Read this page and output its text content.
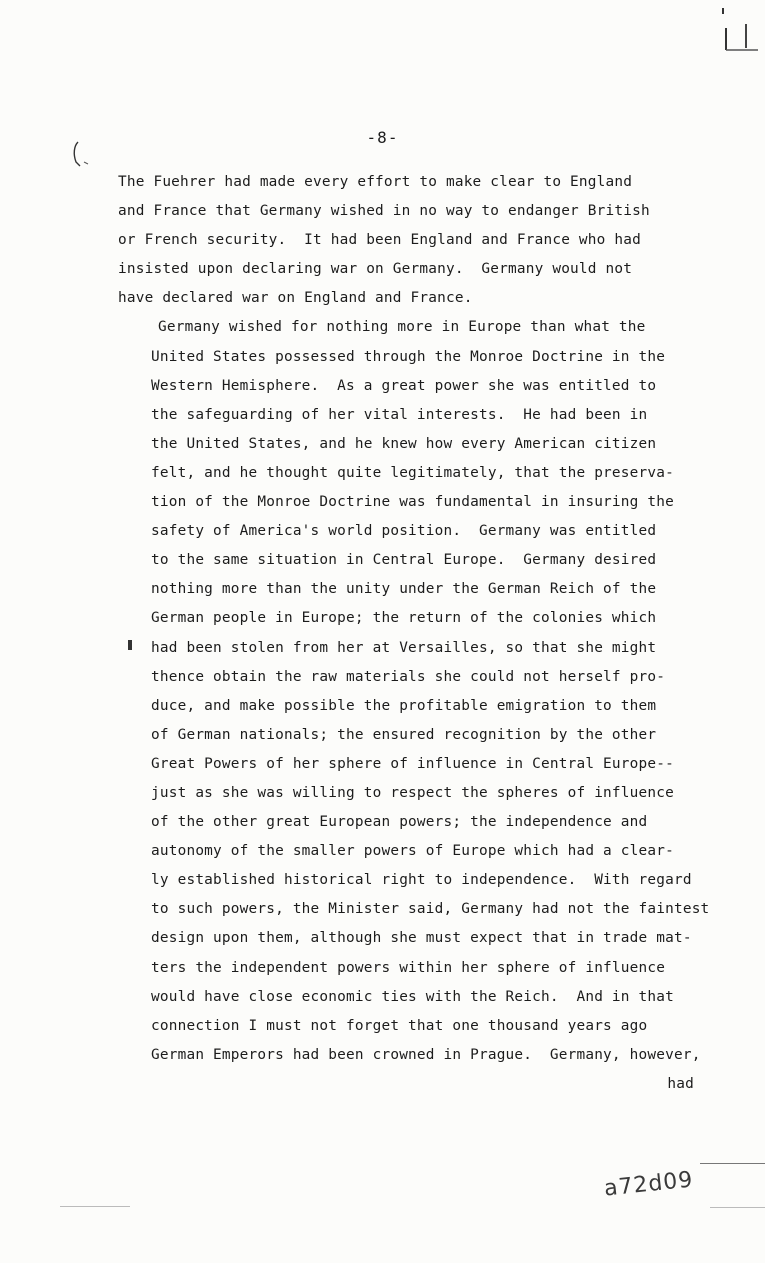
-8-
The Fuehrer had made every effort to make clear to England
and France that Germany wished in no way to endanger British
or French security.  It had been England and France who had
insisted upon declaring war on Germany.  Germany would not
have declared war on England and France.
Germany wished for nothing more in Europe than what the
United States possessed through the Monroe Doctrine in the
Western Hemisphere.  As a great power she was entitled to
the safeguarding of her vital interests.  He had been in
the United States, and he knew how every American citizen
felt, and he thought quite legitimately, that the preserva-
tion of the Monroe Doctrine was fundamental in insuring the
safety of America's world position.  Germany was entitled
to the same situation in Central Europe.  Germany desired
nothing more than the unity under the German Reich of the
German people in Europe; the return of the colonies which
had been stolen from her at Versailles, so that she might
thence obtain the raw materials she could not herself pro-
duce, and make possible the profitable emigration to them
of German nationals; the ensured recognition by the other
Great Powers of her sphere of influence in Central Europe--
just as she was willing to respect the spheres of influence
of the other great European powers; the independence and
autonomy of the smaller powers of Europe which had a clear-
ly established historical right to independence.  With regard
to such powers, the Minister said, Germany had not the faintest
design upon them, although she must expect that in trade mat-
ters the independent powers within her sphere of influence
would have close economic ties with the Reich.  And in that
connection I must not forget that one thousand years ago
German Emperors had been crowned in Prague.  Germany, however,
had
a72d09
